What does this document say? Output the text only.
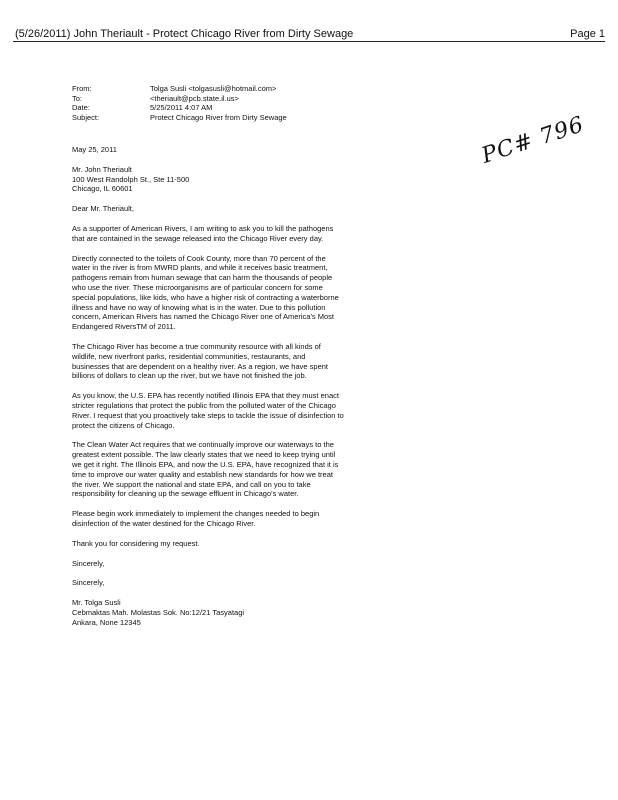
(5/26/2011) John Theriault - Protect Chicago River from Dirty Sewage	Page 1
From:	Tolga Susli <tolgasusli@hotmail.com>
To:	<theriault@pcb.state.il.us>
Date:	5/25/2011 4:07 AM
Subject:	Protect Chicago River from Dirty Sewage	PC# 796

May 25, 2011

Mr. John Theriault
100 West Randolph St., Ste 11-500
Chicago, IL 60601

Dear Mr. Theriault,

As a supporter of American Rivers, I am writing to ask you to kill the pathogens that are contained in the sewage released into the Chicago River every day.

Directly connected to the toilets of Cook County, more than 70 percent of the water in the river is from MWRD plants, and while it receives basic treatment, pathogens remain from human sewage that can harm the thousands of people who use the river. These microorganisms are of particular concern for some special populations, like kids, who have a higher risk of contracting a waterborne illness and have no way of knowing what is in the water. Due to this pollution concern, American Rivers has named the Chicago River one of America's Most Endangered RiversTM of 2011.

The Chicago River has become a true community resource with all kinds of wildlife, new riverfront parks, residential communities, restaurants, and businesses that are dependent on a healthy river. As a region, we have spent billions of dollars to clean up the river, but we have not finished the job.

As you know, the U.S. EPA has recently notified Illinois EPA that they must enact stricter regulations that protect the public from the polluted water of the Chicago River. I request that you proactively take steps to tackle the issue of disinfection to protect the citizens of Chicago.

The Clean Water Act requires that we continually improve our waterways to the greatest extent possible. The law clearly states that we need to keep trying until we get it right. The Illinois EPA, and now the U.S. EPA, have recognized that it is time to improve our water quality and establish new standards for how we treat the river. We support the national and state EPA, and call on you to take responsibility for cleaning up the sewage effluent in Chicago's water.

Please begin work immediately to implement the changes needed to begin disinfection of the water destined for the Chicago River.

Thank you for considering my request.

Sincerely,

Sincerely,

Mr. Tolga Susli
Cebmaktas Mah. Molastas Sok. No:12/21 Tasyatagi
Ankara, None 12345
